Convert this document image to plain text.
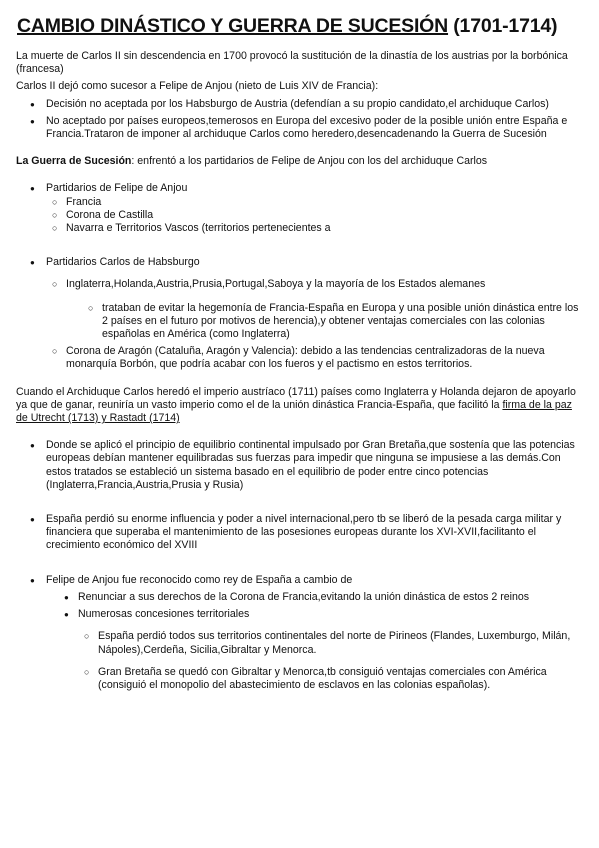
CAMBIO DINÁSTICO Y GUERRA DE SUCESIÓN (1701-1714)

La muerte de Carlos II sin descendencia en 1700 provocó la sustitución de la dinastía de los austrias por la borbónica (francesa)

Carlos II dejó como sucesor a Felipe de Anjou (nieto de Luis XIV de Francia):

● Decisión no aceptada por los Habsburgo de Austria (defendían a su propio candidato,el archiduque Carlos)
● No aceptado por países europeos,temerosos en Europa del excesivo poder de la posible unión entre España e Francia.Trataron de imponer al archiduque Carlos como heredero,desencadenando la Guerra de Sucesión

La Guerra de Sucesión: enfrentó a los partidarios de Felipe de Anjou con los del archiduque Carlos

● Partidarios de Felipe de Anjou
○ Francia
○ Corona de Castilla
○ Navarra e Territorios Vascos (territorios pertenecientes a
● Partidarios Carlos de Habsburgo
○ Inglaterra,Holanda,Austria,Prusia,Portugal,Saboya y la mayoría de los Estados alemanes
○ trataban de evitar la hegemonía de Francia-España en Europa y una posible unión dinástica entre los 2 países en el futuro por motivos de herencia),y obtener ventajas comerciales con las colonias españolas en América (como Inglaterra)
○ Corona de Aragón (Cataluña, Aragón y Valencia): debido a las tendencias centralizadoras de la nueva monarquía Borbón, que podría acabar con los fueros y el pactismo en estos territorios.

Cuando el Archiduque Carlos heredó el imperio austríaco (1711) países como Inglaterra y Holanda dejaron de apoyarlo ya que de ganar, reuniría un vasto imperio como el de la unión dinástica Francia-España, que facilitó la firma de la paz de Utrecht (1713) y Rastadt (1714)

● Donde se aplicó el principio de equilibrio continental impulsado por Gran Bretaña,que sostenía que las potencias europeas debían mantener equilibradas sus fuerzas para impedir que ninguna se impusiese a las demás.Con estos tratados se estableció un sistema basado en el equilibrio de poder entre cinco potencias (Inglaterra,Francia,Austria,Prusia y Rusia)
● España perdió su enorme influencia y poder a nivel internacional,pero tb se liberó de la pesada carga militar y financiera que superaba el mantenimiento de las posesiones europeas durante los XVI-XVII,facilitanto el crecimiento económico del XVIII
● Felipe de Anjou fue reconocido como rey de España a cambio de
● Renunciar a sus derechos de la Corona de Francia,evitando la unión dinástica de estos 2 reinos
● Numerosas concesiones territoriales
○ España perdió todos sus territorios continentales del norte de Pirineos (Flandes, Luxemburgo, Milán, Nápoles),Cerdeña, Sicilia,Gibraltar y Menorca.
○ Gran Bretaña se quedó con Gibraltar y Menorca,tb consiguió ventajas comerciales con América (consiguió el monopolio del abastecimiento de esclavos en las colonias españolas).
